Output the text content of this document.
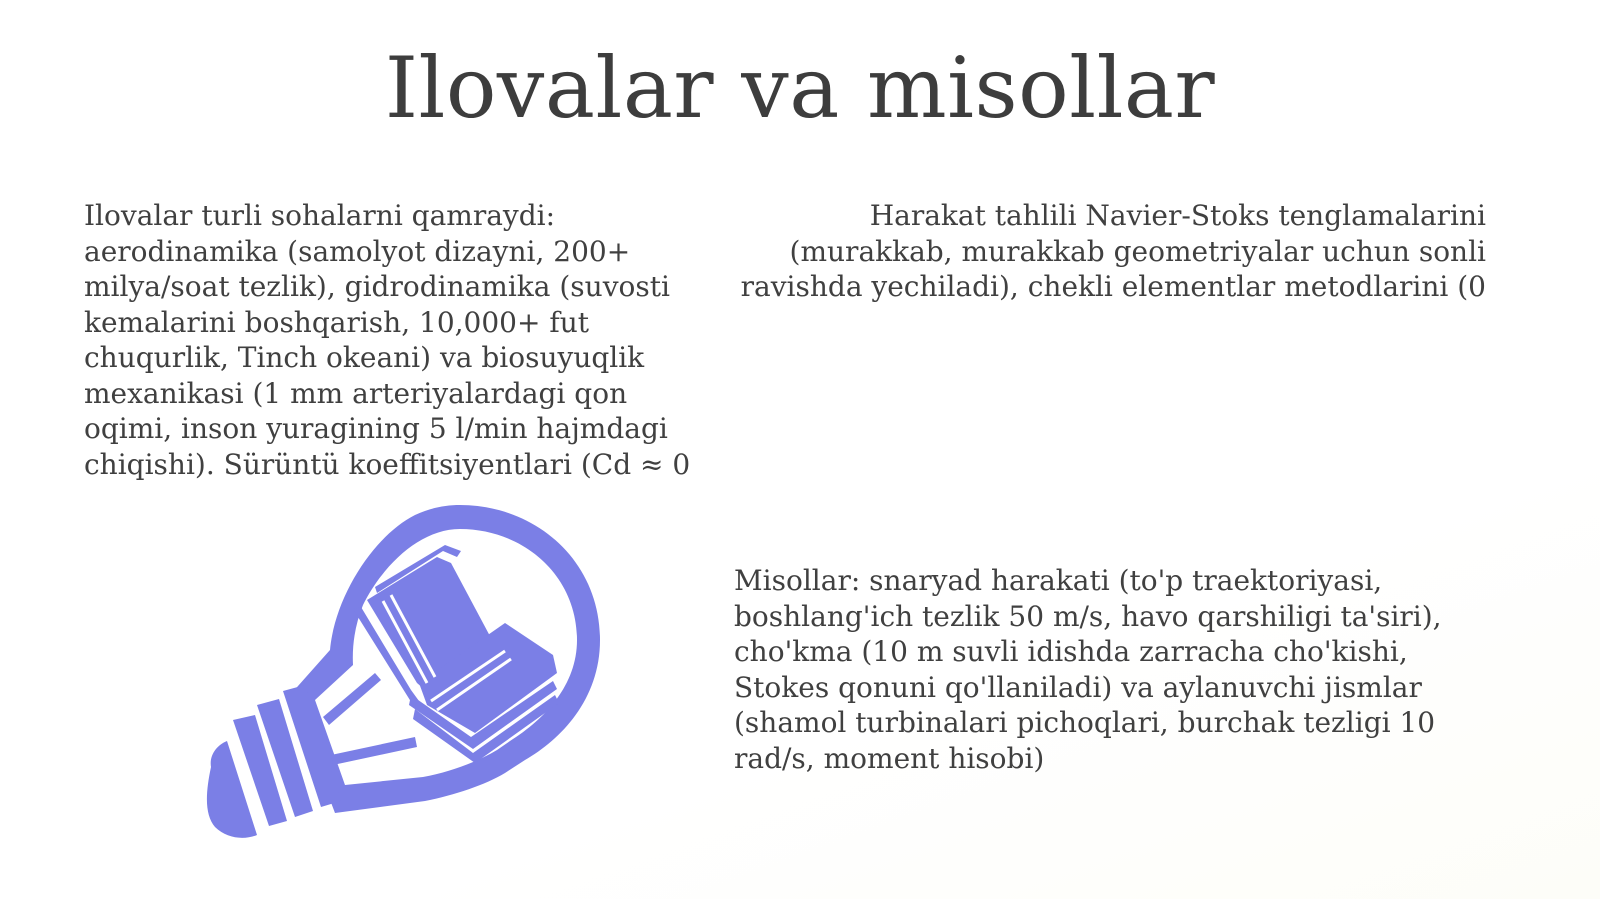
Ilovalar va misollar
Ilovalar turli sohalarni qamraydi: aerodinamika (samolyot dizayni, 200+ milya/soat tezlik), gidrodinamika (suvosti kemalarini boshqarish, 10,000+ fut chuqurlik, Tinch okeani) va biosuyuqlik mexanikasi (1 mm arteriyalardagi qon oqimi, inson yuragining 5 l/min hajmdagi chiqishi). Sürüntü koeffitsiyentlari (Cd ≈ 0
Harakat tahlili Navier-Stoks tenglamalarini (murakkab, murakkab geometriyalar uchun sonli ravishda yechiladi), chekli elementlar metodlarini (0
Misollar: snaryad harakati (to'p traektoriyasi, boshlang'ich tezlik 50 m/s, havo qarshiligi ta'siri), cho'kma (10 m suvli idishda zarracha cho'kishi, Stokes qonuni qo'llaniladi) va aylanuvchi jismlar (shamol turbinalari pichoqlari, burchak tezligi 10 rad/s, moment hisobi)
